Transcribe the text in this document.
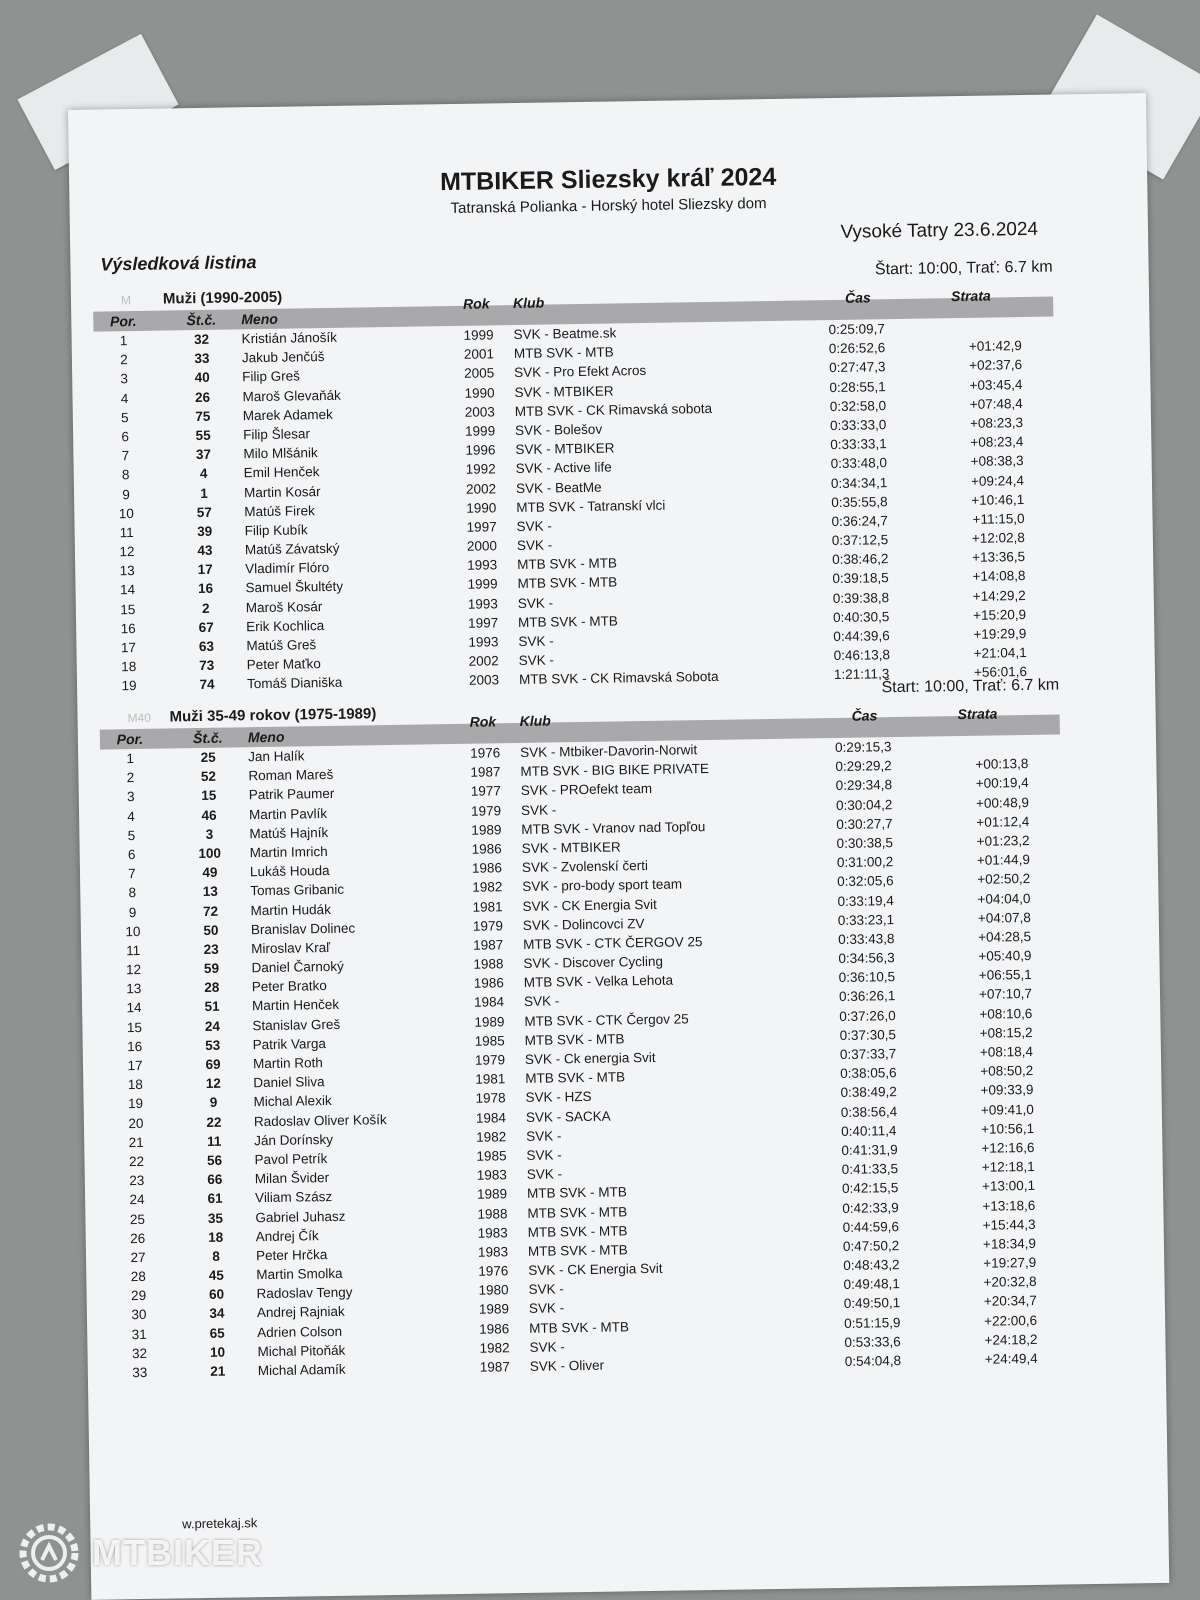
MTBIKER Sliezsky kráľ 2024
Tatranská Polianka - Horský hotel Sliezsky dom
Vysoké Tatry 23.6.2024
Výsledková listina
M Muži (1990-2005)
Štart: 10:00, Trať: 6.7 km
Por.	Št.č.	Meno
Rok Klub	Čas	Strata
1	32	Kristián Jánošík	1999 SVK - Beatme.sk	0:25:09,7
2	33	Jakub Jenčúš	2001 MTB SVK - MTB	0:26:52,6	+01:42,9
3	40	Filip Greš	2005 SVK - Pro Efekt Acros	0:27:47,3	+02:37,6
4	26	Maroš Glevaňák	1990 SVK - MTBIKER	0:28:55,1	+03:45,4
5	75	Marek Adamek	2003 MTB SVK - CK Rimavská sobota	0:32:58,0	+07:48,4
6	55	Filip Šlesar	1999 SVK - Bolešov	0:33:33,0	+08:23,3
7	37	Milo Mlšánik	1996 SVK - MTBIKER	0:33:33,1	+08:23,4
8	4	Emil Henček	1992 SVK - Active life	0:33:48,0	+08:38,3
9	1	Martin Kosár	2002 SVK - BeatMe	0:34:34,1	+09:24,4
10	57	Matúš Firek	1990 MTB SVK - Tatranskí vlci	0:35:55,8	+10:46,1
11	39	Filip Kubík	1997 SVK -	0:36:24,7	+11:15,0
12	43	Matúš Závatský	2000 SVK -	0:37:12,5	+12:02,8
13	17	Vladimír Flóro	1993 MTB SVK - MTB	0:38:46,2	+13:36,5
14	16	Samuel Škultéty	1999 MTB SVK - MTB	0:39:18,5	+14:08,8
15	2	Maroš Kosár	1993 SVK -	0:39:38,8	+14:29,2
16	67	Erik Kochlica	1997 MTB SVK - MTB	0:40:30,5	+15:20,9
17	63	Matúš Greš	1993 SVK -	0:44:39,6	+19:29,9
18	73	Peter Maťko	2002 SVK -	0:46:13,8	+21:04,1
19	74	Tomáš Dianiška	2003 MTB SVK - CK Rimavská Sobota	1:21:11,3	+56:01,6
M40 Muži 35-49 rokov (1975-1989)
Štart: 10:00, Trať: 6.7 km
Por.	Št.č.	Meno
Rok Klub	Čas	Strata
1	25	Jan Halík	1976 SVK - Mtbiker-Davorin-Norwit	0:29:15,3
2	52	Roman Mareš	1987 MTB SVK - BIG BIKE PRIVATE	0:29:29,2	+00:13,8
3	15	Patrik Paumer	1977 SVK - PROefekt team	0:29:34,8	+00:19,4
4	46	Martin Pavlík	1979 SVK -	0:30:04,2	+00:48,9
5	3	Matúš Hajník	1989 MTB SVK - Vranov nad Topľou	0:30:27,7	+01:12,4
6	100	Martin Imrich	1986 SVK - MTBIKER	0:30:38,5	+01:23,2
7	49	Lukáš Houda	1986 SVK - Zvolenskí čerti	0:31:00,2	+01:44,9
8	13	Tomas Gribanic	1982 SVK - pro-body sport team	0:32:05,6	+02:50,2
9	72	Martin Hudák	1981 SVK - CK Energia Svit	0:33:19,4	+04:04,0
10	50	Branislav Dolinec	1979 SVK - Dolincovci ZV	0:33:23,1	+04:07,8
11	23	Miroslav Kraľ	1987 MTB SVK - CTK ČERGOV 25	0:33:43,8	+04:28,5
12	59	Daniel Čarnoký	1988 SVK - Discover Cycling	0:34:56,3	+05:40,9
13	28	Peter Bratko	1986 MTB SVK - Velka Lehota	0:36:10,5	+06:55,1
14	51	Martin Henček	1984 SVK -	0:36:26,1	+07:10,7
15	24	Stanislav Greš	1989 MTB SVK - CTK Čergov 25	0:37:26,0	+08:10,6
16	53	Patrik Varga	1985 MTB SVK - MTB	0:37:30,5	+08:15,2
17	69	Martin Roth	1979 SVK - Ck energia Svit	0:37:33,7	+08:18,4
18	12	Daniel Sliva	1981 MTB SVK - MTB	0:38:05,6	+08:50,2
19	9	Michal Alexik	1978 SVK - HZS	0:38:49,2	+09:33,9
20	22	Radoslav Oliver Košík	1984 SVK - SACKA	0:38:56,4	+09:41,0
21	11	Ján Dorínsky	1982 SVK -	0:40:11,4	+10:56,1
22	56	Pavol Petrík	1985 SVK -	0:41:31,9	+12:16,6
23	66	Milan Švider	1983 SVK -	0:41:33,5	+12:18,1
24	61	Viliam Szász	1989 MTB SVK - MTB	0:42:15,5	+13:00,1
25	35	Gabriel Juhasz	1988 MTB SVK - MTB	0:42:33,9	+13:18,6
26	18	Andrej Čík	1983 MTB SVK - MTB	0:44:59,6	+15:44,3
27	8	Peter Hrčka	1983 MTB SVK - MTB	0:47:50,2	+18:34,9
28	45	Martin Smolka	1976 SVK - CK Energia Svit	0:48:43,2	+19:27,9
29	60	Radoslav Tengy	1980 SVK -	0:49:48,1	+20:32,8
30	34	Andrej Rajniak	1989 SVK -	0:49:50,1	+20:34,7
31	65	Adrien Colson	1986 MTB SVK - MTB	0:51:15,9	+22:00,6
32	10	Michal Pitoňák	1982 SVK -	0:53:33,6	+24:18,2
33	21	Michal Adamík	1987 SVK - Oliver	0:54:04,8	+24:49,4
w.pretekaj.sk
MTBIKER
